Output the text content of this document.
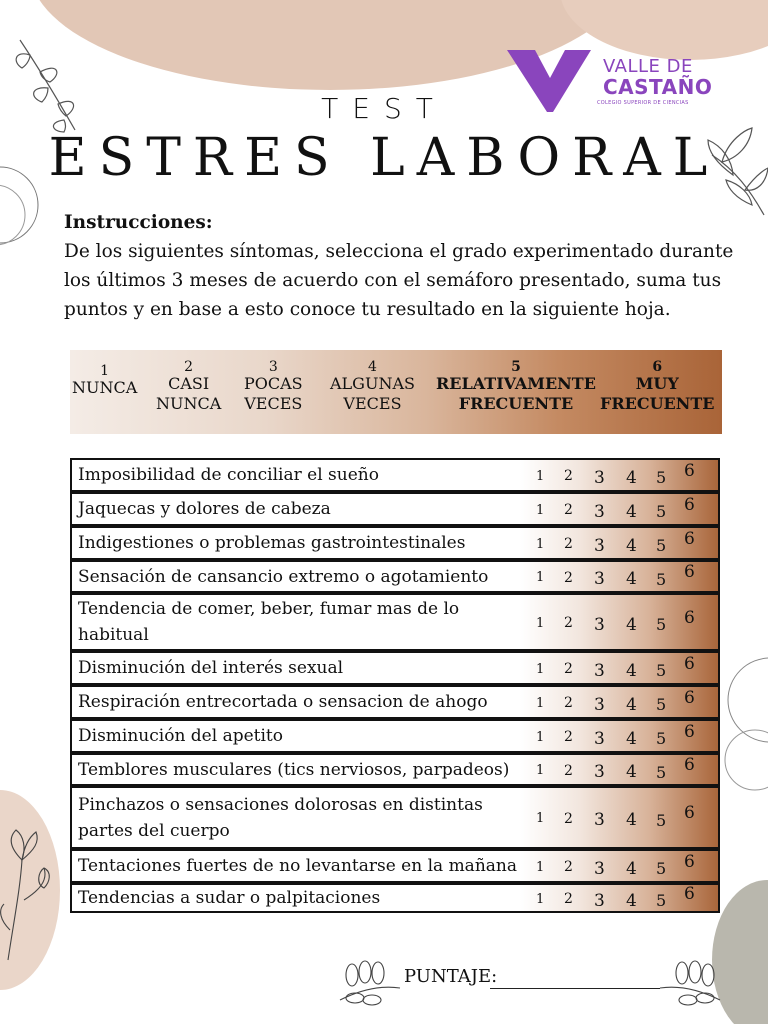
VALLE DE
CASTAÑO
COLEGIO SUPERIOR DE CIENCIAS
TEST
ESTRES LABORAL
Instrucciones:
De los siguientes síntomas, selecciona el grado experimentado durante los últimos 3 meses de acuerdo con el semáforo presentado, suma tus puntos y en base a esto conoce tu resultado en la siguiente hoja.
1
NUNCA
2
CASI
NUNCA
3
POCAS
VECES
4
ALGUNAS
VECES
5
RELATIVAMENTE
FRECUENTE
6
MUY
FRECUENTE
Imposibilidad de conciliar el sueño	1 2 3 4 5 6
Jaquecas y dolores de cabeza	1 2 3 4 5 6
Indigestiones o problemas gastrointestinales	1 2 3 4 5 6
Sensación de cansancio extremo o agotamiento	1 2 3 4 5 6
Tendencia de comer, beber, fumar mas de lo habitual
1 2 3 4 5 6
Disminución del interés sexual	1 2 3 4 5 6
Respiración entrecortada o sensacion de ahogo	1 2 3 4 5 6
Disminución del apetito	1 2 3 4 5 6
Temblores musculares (tics nerviosos, parpadeos)	1 2 3 4 5 6
Pinchazos o sensaciones dolorosas en distintas partes del cuerpo
1 2 3 4 5 6
Tentaciones fuertes de no levantarse en la mañana	1 2 3 4 5 6
Tendencias a sudar o palpitaciones	1 2 3 4 5 6
PUNTAJE:
